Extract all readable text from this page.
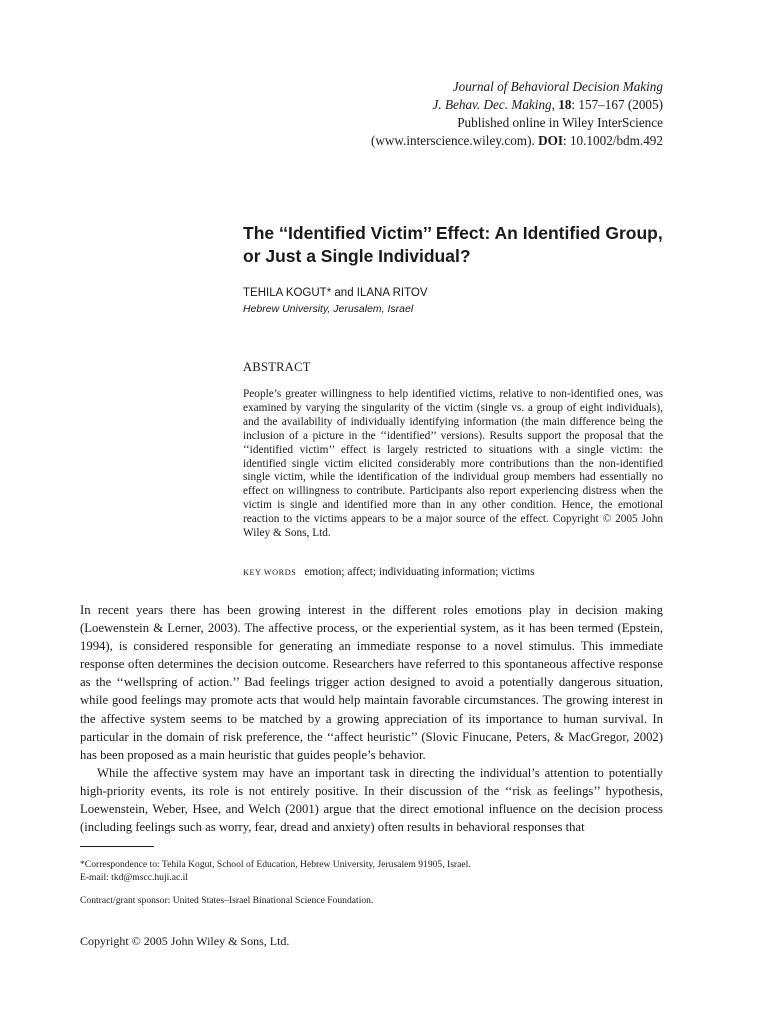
Journal of Behavioral Decision Making
J. Behav. Dec. Making, 18: 157–167 (2005)
Published online in Wiley InterScience
(www.interscience.wiley.com). DOI: 10.1002/bdm.492
The ‘‘Identified Victim’’ Effect: An Identified Group, or Just a Single Individual?
TEHILA KOGUT* and ILANA RITOV
Hebrew University, Jerusalem, Israel
ABSTRACT

People’s greater willingness to help identified victims, relative to non-identified ones, was examined by varying the singularity of the victim (single vs. a group of eight individuals), and the availability of individually identifying information (the main difference being the inclusion of a picture in the ‘‘identified’’ versions). Results support the proposal that the ‘‘identified victim’’ effect is largely restricted to situations with a single victim: the identified single victim elicited considerably more contributions than the non-identified single victim, while the identification of the individual group members had essentially no effect on willingness to contribute. Participants also report experiencing distress when the victim is single and identified more than in any other condition. Hence, the emotional reaction to the victims appears to be a major source of the effect. Copyright © 2005 John Wiley & Sons, Ltd.

KEY WORDS emotion; affect; individuating information; victims

In recent years there has been growing interest in the different roles emotions play in decision making (Loewenstein & Lerner, 2003). The affective process, or the experiential system, as it has been termed (Epstein, 1994), is considered responsible for generating an immediate response to a novel stimulus. This immediate response often determines the decision outcome. Researchers have referred to this spontaneous affective response as the ‘‘wellspring of action.’’ Bad feelings trigger action designed to avoid a potentially dangerous situation, while good feelings may promote acts that would help maintain favorable circumstances. The growing interest in the affective system seems to be matched by a growing appreciation of its importance to human survival. In particular in the domain of risk preference, the ‘‘affect heuristic’’ (Slovic Finucane, Peters, & MacGregor, 2002) has been proposed as a main heuristic that guides people’s behavior.

While the affective system may have an important task in directing the individual’s attention to potentially high-priority events, its role is not entirely positive. In their discussion of the ‘‘risk as feelings’’ hypothesis, Loewenstein, Weber, Hsee, and Welch (2001) argue that the direct emotional influence on the decision process (including feelings such as worry, fear, dread and anxiety) often results in behavioral responses that

*Correspondence to: Tehila Kogut, School of Education, Hebrew University, Jerusalem 91905, Israel.
E-mail: tkd@mscc.huji.ac.il
Contract/grant sponsor: United States–Israel Binational Science Foundation.
Copyright © 2005 John Wiley & Sons, Ltd.
